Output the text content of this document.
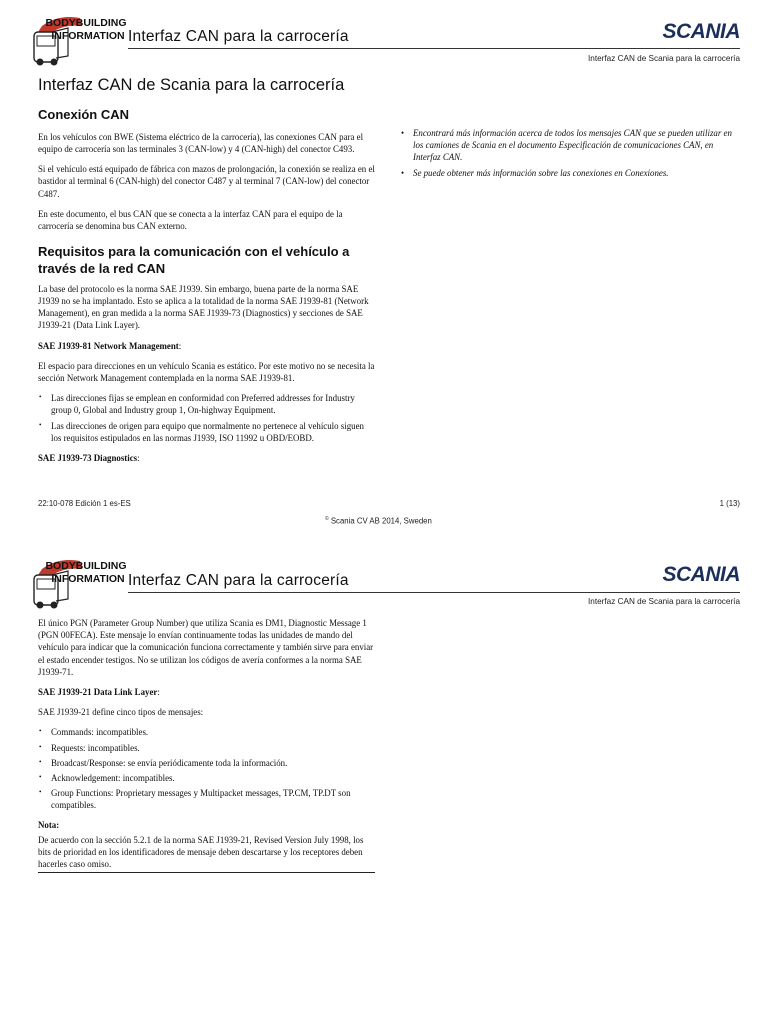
BODYBUILDING
INFORMATION Interfaz CAN para la carrocería	SCANIA
Interfaz CAN de Scania para la carrocería
Interfaz CAN de Scania para la carrocería
Conexión CAN

En los vehículos con BWE (Sistema eléctrico de la carrocería), las conexiones CAN para el equipo de carrocería son las terminales 3 (CAN-low) y 4 (CAN-high) del conector C493.

Si el vehículo está equipado de fábrica con mazos de prolongación, la conexión se realiza en el bastidor al terminal 6 (CAN-high) del conector C487 y al terminal 7 (CAN-low) del conector C487.

En este documento, el bus CAN que se conecta a la interfaz CAN para el equipo de la carrocería se denomina bus CAN externo.

Requisitos para la comunicación con el vehículo a través de la red CAN

La base del protocolo es la norma SAE J1939. Sin embargo, buena parte de la norma SAE J1939 no se ha implantado. Esto se aplica a la totalidad de la norma SAE J1939-81 (Network Management), en gran medida a la norma SAE J1939-73 (Diagnostics) y secciones de SAE J1939-21 (Data Link Layer).

SAE J1939-81 Network Management:

El espacio para direcciones en un vehículo Scania es estático. Por este motivo no se necesita la sección Network Management contemplada en la norma SAE J1939-81.

• Las direcciones fijas se emplean en conformidad con Preferred addresses for Industry group 0, Global and Industry group 1, On-highway Equipment.
• Las direcciones de origen para equipo que normalmente no pertenece al vehículo siguen los requisitos estipulados en las normas J1939, ISO 11992 u OBD/EOBD.

SAE J1939-73 Diagnostics:

• Encontrará más información acerca de todos los mensajes CAN que se pueden utilizar en los camiones de Scania en el documento Especificación de comunicaciones CAN, en Interfaz CAN.
• Se puede obtener más información sobre las conexiones en Conexiones.
22:10-078 Edición 1 es-ES	1 (13)
© Scania CV AB 2014, Sweden
BODYBUILDING
INFORMATION Interfaz CAN para la carrocería	SCANIA
Interfaz CAN de Scania para la carrocería

El único PGN (Parameter Group Number) que utiliza Scania es DM1, Diagnostic Message 1 (PGN 00FECA). Este mensaje lo envían continuamente todas las unidades de mando del vehículo para indicar que la comunicación funciona correctamente y también sirve para enviar el estado encender testigos. No se utilizan los códigos de avería conformes a la norma SAE J1939-71.

SAE J1939-21 Data Link Layer:

SAE J1939-21 define cinco tipos de mensajes:

• Commands: incompatibles.
• Requests: incompatibles.
• Broadcast/Response: se envía periódicamente toda la información.
• Acknowledgement: incompatibles.
• Group Functions: Proprietary messages y Multipacket messages, TP.CM, TP.DT son compatibles.

Nota:

De acuerdo con la sección 5.2.1 de la norma SAE J1939-21, Revised Version July 1998, los bits de prioridad en los identificadores de mensaje deben descartarse y los receptores deben hacerles caso omiso.
